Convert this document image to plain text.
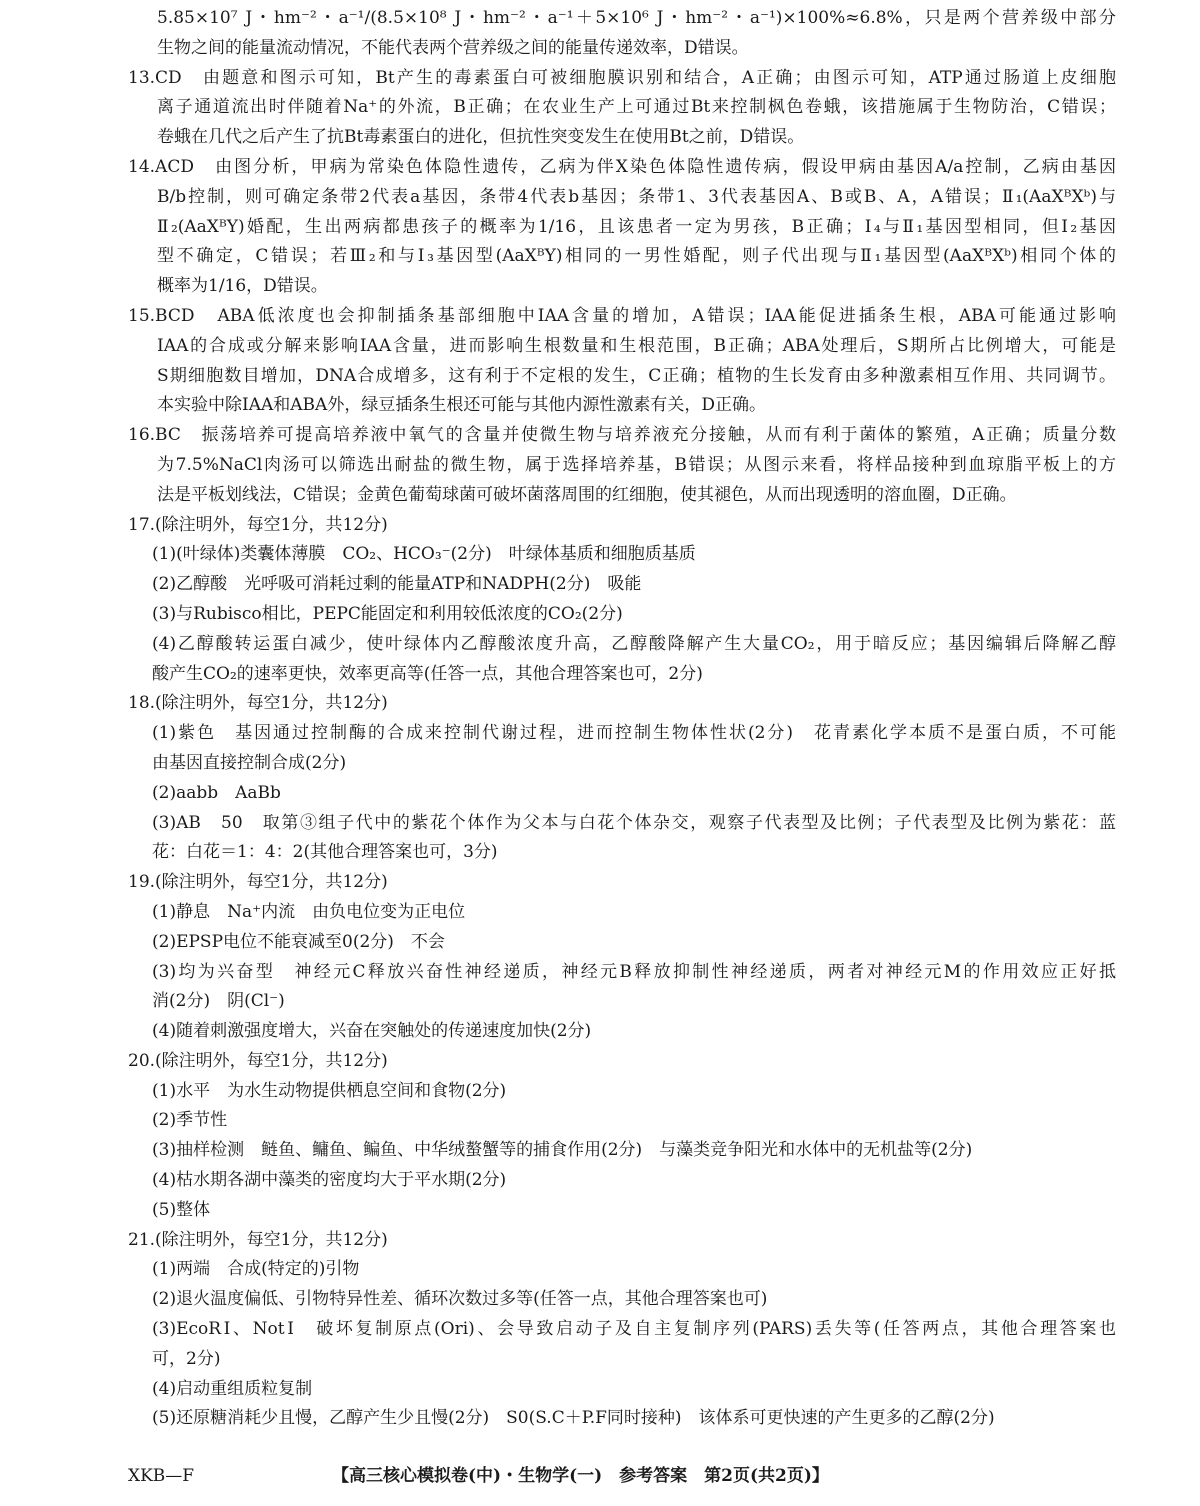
5.85×10⁷ J・hm⁻²・a⁻¹/(8.5×10⁸ J・hm⁻²・a⁻¹＋5×10⁶ J・hm⁻²・a⁻¹)×100%≈6.8%，只是两个营养级中部分
生物之间的能量流动情况，不能代表两个营养级之间的能量传递效率，D错误。
13.CD　由题意和图示可知，Bt产生的毒素蛋白可被细胞膜识别和结合，A正确；由图示可知，ATP通过肠道上皮细胞
离子通道流出时伴随着Na⁺的外流，B正确；在农业生产上可通过Bt来控制枫色卷蛾，该措施属于生物防治，C错误；
卷蛾在几代之后产生了抗Bt毒素蛋白的进化，但抗性突变发生在使用Bt之前，D错误。
14.ACD　由图分析，甲病为常染色体隐性遗传，乙病为伴X染色体隐性遗传病，假设甲病由基因A/a控制，乙病由基因
B/b控制，则可确定条带2代表a基因，条带4代表b基因；条带1、3代表基因A、B或B、A，A错误；Ⅱ₁(AaXᴮXᵇ)与
Ⅱ₂(AaXᴮY)婚配，生出两病都患孩子的概率为1/16，且该患者一定为男孩，B正确；Ⅰ₄与Ⅱ₁基因型相同，但Ⅰ₂基因
型不确定，C错误；若Ⅲ₂和与Ⅰ₃基因型(AaXᴮY)相同的一男性婚配，则子代出现与Ⅱ₁基因型(AaXᴮXᵇ)相同个体的
概率为1/16，D错误。
15.BCD　ABA低浓度也会抑制插条基部细胞中IAA含量的增加，A错误；IAA能促进插条生根，ABA可能通过影响
IAA的合成或分解来影响IAA含量，进而影响生根数量和生根范围，B正确；ABA处理后，S期所占比例增大，可能是
S期细胞数目增加，DNA合成增多，这有利于不定根的发生，C正确；植物的生长发育由多种激素相互作用、共同调节。
本实验中除IAA和ABA外，绿豆插条生根还可能与其他内源性激素有关，D正确。
16.BC　振荡培养可提高培养液中氧气的含量并使微生物与培养液充分接触，从而有利于菌体的繁殖，A正确；质量分数
为7.5%NaCl肉汤可以筛选出耐盐的微生物，属于选择培养基，B错误；从图示来看，将样品接种到血琼脂平板上的方
法是平板划线法，C错误；金黄色葡萄球菌可破坏菌落周围的红细胞，使其褪色，从而出现透明的溶血圈，D正确。
17.(除注明外，每空1分，共12分)
(1)(叶绿体)类囊体薄膜　CO₂、HCO₃⁻(2分)　叶绿体基质和细胞质基质
(2)乙醇酸　光呼吸可消耗过剩的能量ATP和NADPH(2分)　吸能
(3)与Rubisco相比，PEPC能固定和利用较低浓度的CO₂(2分)
(4)乙醇酸转运蛋白减少，使叶绿体内乙醇酸浓度升高，乙醇酸降解产生大量CO₂，用于暗反应；基因编辑后降解乙醇
酸产生CO₂的速率更快，效率更高等(任答一点，其他合理答案也可，2分)
18.(除注明外，每空1分，共12分)
(1)紫色　基因通过控制酶的合成来控制代谢过程，进而控制生物体性状(2分)　花青素化学本质不是蛋白质，不可能
由基因直接控制合成(2分)
(2)aabb　AaBb
(3)AB　50　取第③组子代中的紫花个体作为父本与白花个体杂交，观察子代表型及比例；子代表型及比例为紫花：蓝
花：白花＝1：4：2(其他合理答案也可，3分)
19.(除注明外，每空1分，共12分)
(1)静息　Na⁺内流　由负电位变为正电位
(2)EPSP电位不能衰减至0(2分)　不会
(3)均为兴奋型　神经元C释放兴奋性神经递质，神经元B释放抑制性神经递质，两者对神经元M的作用效应正好抵
消(2分)　阴(Cl⁻)
(4)随着刺激强度增大，兴奋在突触处的传递速度加快(2分)
20.(除注明外，每空1分，共12分)
(1)水平　为水生动物提供栖息空间和食物(2分)
(2)季节性
(3)抽样检测　鲢鱼、鳙鱼、鳊鱼、中华绒螯蟹等的捕食作用(2分)　与藻类竞争阳光和水体中的无机盐等(2分)
(4)枯水期各湖中藻类的密度均大于平水期(2分)
(5)整体
21.(除注明外，每空1分，共12分)
(1)两端　合成(特定的)引物
(2)退火温度偏低、引物特异性差、循环次数过多等(任答一点，其他合理答案也可)
(3)EcoRⅠ、NotⅠ　破坏复制原点(Ori)、会导致启动子及自主复制序列(PARS)丢失等(任答两点，其他合理答案也
可，2分)
(4)启动重组质粒复制
(5)还原糖消耗少且慢，乙醇产生少且慢(2分)　S0(S.C＋P.F同时接种)　该体系可更快速的产生更多的乙醇(2分)
XKB—F	【高三核心模拟卷(中)・生物学(一)　参考答案　第2页(共2页)】
